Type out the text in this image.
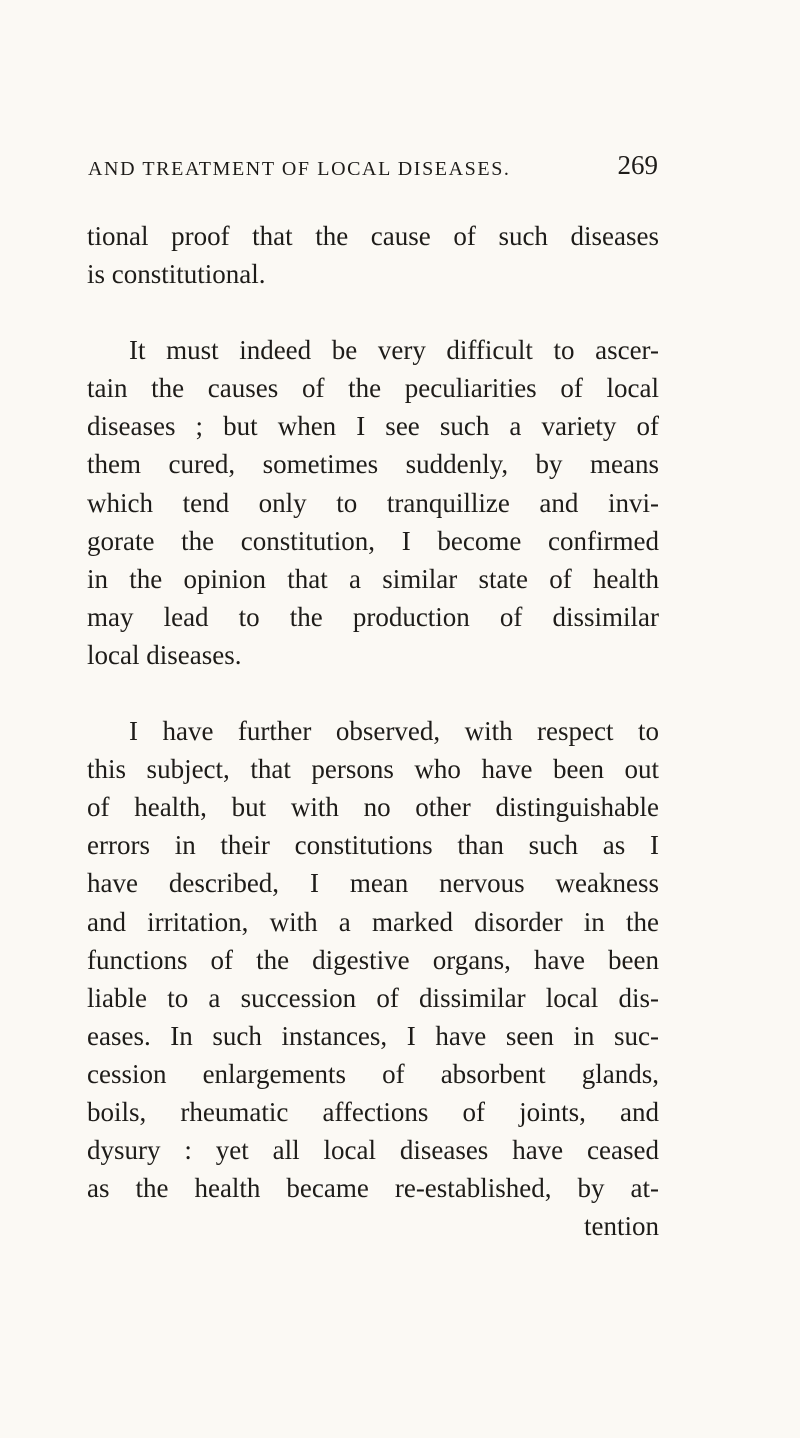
AND TREATMENT OF LOCAL DISEASES.	269
tional proof that the cause of such diseases
is constitutional.
It must indeed be very difficult to ascer-
tain the causes of the peculiarities of local
diseases ; but when I see such a variety of
them cured, sometimes suddenly, by means
which tend only to tranquillize and invi-
gorate the constitution, I become confirmed
in the opinion that a similar state of health
may lead to the production of dissimilar
local diseases.
I have further observed, with respect to
this subject, that persons who have been out
of health, but with no other distinguishable
errors in their constitutions than such as I
have described, I mean nervous weakness
and irritation, with a marked disorder in the
functions of the digestive organs, have been
liable to a succession of dissimilar local dis-
eases. In such instances, I have seen in suc-
cession enlargements of absorbent glands,
boils, rheumatic affections of joints, and
dysury : yet all local diseases have ceased
as the health became re-established, by at-
tention
